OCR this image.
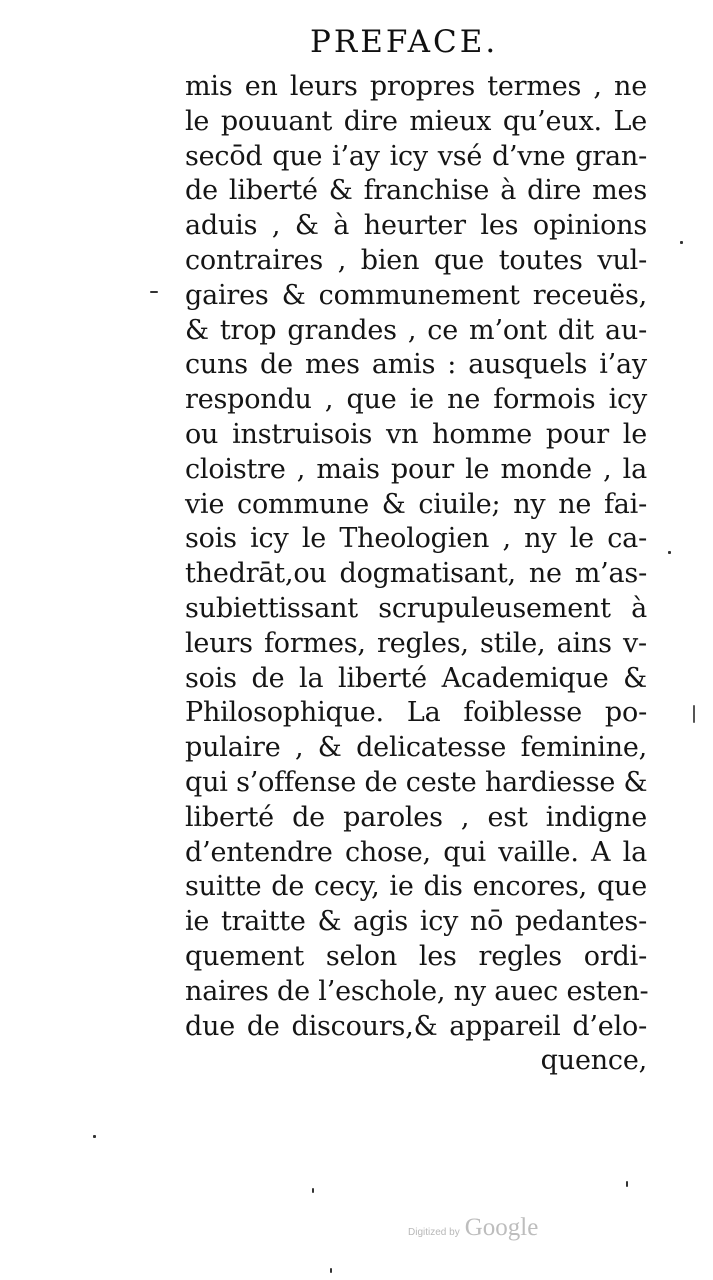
PREFACE.
mis en leurs propres termes , ne
le pouuant dire mieux qu’eux. Le
secōd que i’ay icy vsé d’vne gran-
de liberté & franchise à dire mes
aduis , & à heurter les opinions
contraires , bien que toutes vul-
gaires & communement receuës,
& trop grandes , ce m’ont dit au-
cuns de mes amis : ausquels i’ay
respondu , que ie ne formois icy
ou instruisois vn homme pour le
cloistre , mais pour le monde , la
vie commune & ciuile; ny ne fai-
sois icy le Theologien , ny le ca-
thedrāt,ou dogmatisant, ne m’as-
subiettissant scrupuleusement à
leurs formes, regles, stile, ains v-
sois de la liberté Academique &
Philosophique. La foiblesse po-
pulaire , & delicatesse feminine,
qui s’offense de ceste hardiesse &
liberté de paroles , est indigne
d’entendre chose, qui vaille. A la
suitte de cecy, ie dis encores, que
ie traitte & agis icy nō pedantes-
quement selon les regles ordi-
naires de l’eschole, ny auec esten-
due de discours,& appareil d’elo-
quence,
Digitized by Google
